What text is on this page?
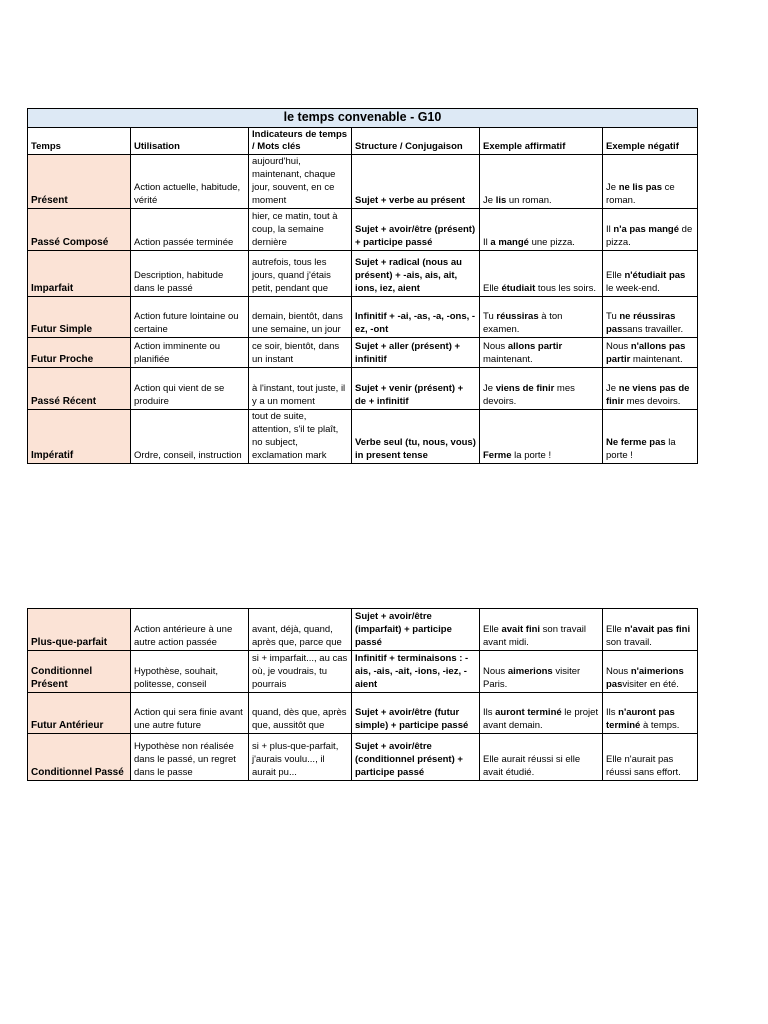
le temps convenable - G10					
Temps	Utilisation	Indicateurs de temps / Mots clés	Structure / Conjugaison	Exemple affirmatif	Exemple négatif
Présent	Action actuelle, habitude, vérité	aujourd'hui, maintenant, chaque jour, souvent, en ce moment	Sujet + verbe au présent	Je lis un roman.	Je ne lis pas ce roman.
Passé Composé	Action passée terminée	hier, ce matin, tout à coup, la semaine dernière	Sujet + avoir/être (présent) + participe passé	Il a mangé une pizza.	Il n'a pas mangé de pizza.
Imparfait	Description, habitude dans le passé	autrefois, tous les jours, quand j'étais petit, pendant que	Sujet + radical (nous au présent) + -ais, ais, ait, ions, iez, aient	Elle étudiait tous les soirs.	Elle n'étudiait pas le week-end.
Futur Simple	Action future lointaine ou certaine	demain, bientôt, dans une semaine, un jour	Infinitif + -ai, -as, -a, -ons, -ez, -ont	Tu réussiras à ton examen.	Tu ne réussiras passans travailler.
Futur Proche	Action imminente ou planifiée	ce soir, bientôt, dans un instant	Sujet + aller (présent) + infinitif	Nous allons partir maintenant.	Nous n'allons pas partir maintenant.
Passé Récent	Action qui vient de se produire	à l'instant, tout juste, il y a un moment	Sujet + venir (présent) + de + infinitif	Je viens de finir mes devoirs.	Je ne viens pas de finir mes devoirs.
Impératif	Ordre, conseil, instruction	tout de suite, attention, s'il te plaît, no subject, exclamation mark	Verbe seul (tu, nous, vous) in present tense	Ferme la porte !	Ne ferme pas la porte !
Plus-que-parfait	Action antérieure à une autre action passée	avant, déjà, quand, après que, parce que	Sujet + avoir/être (imparfait) + participe passé	Elle avait fini son travail avant midi.	Elle n'avait pas fini son travail.
Conditionnel Présent	Hypothèse, souhait, politesse, conseil	si + imparfait..., au cas où, je voudrais, tu pourrais	Infinitif + terminaisons : -ais, -ais, -ait, -ions, -iez, -aient	Nous aimerions visiter Paris.	Nous n'aimerions pasvisiter en été.
Futur Antérieur	Action qui sera finie avant une autre future	quand, dès que, après que, aussitôt que	Sujet + avoir/être (futur simple) + participe passé	Ils auront terminé le projet avant demain.	Ils n'auront pas terminé à temps.
Conditionnel Passé	Hypothèse non réalisée dans le passé, un regret dans le passe	si + plus-que-parfait, j'aurais voulu..., il aurait pu...	Sujet + avoir/être (conditionnel présent) + participe passé	Elle aurait réussi si elle avait étudié.	Elle n'aurait pas réussi sans effort.
